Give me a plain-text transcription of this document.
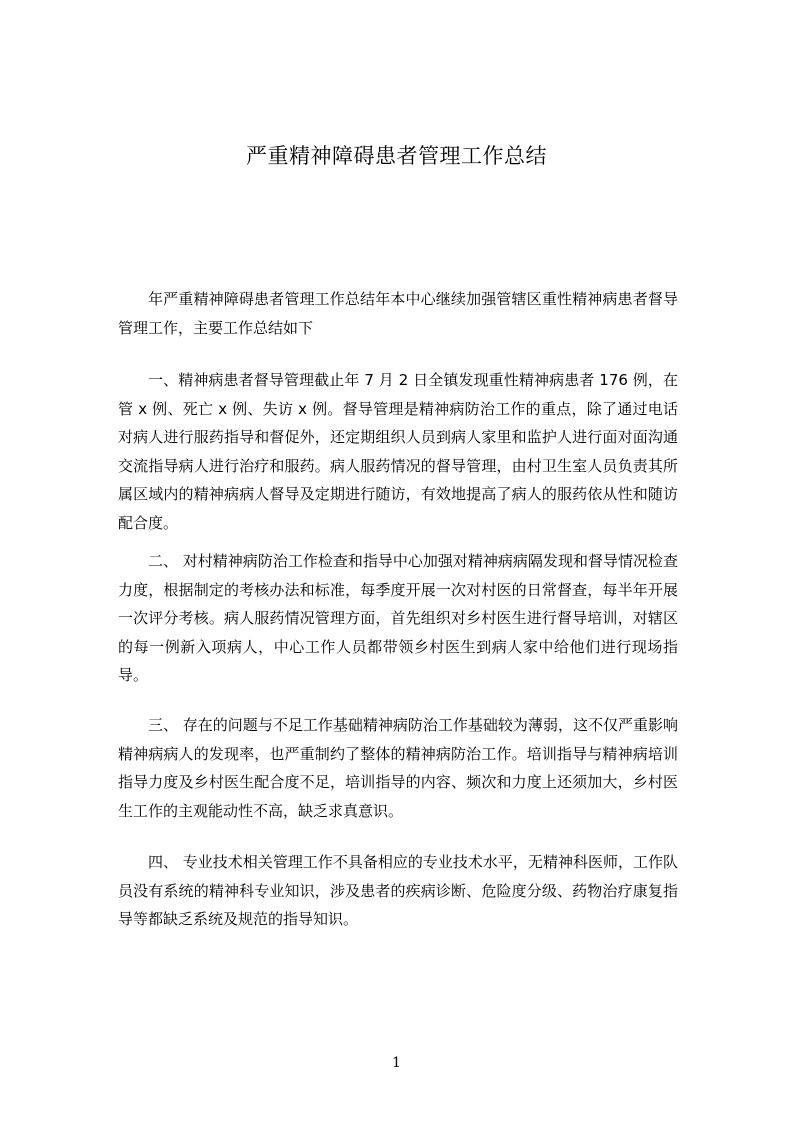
严重精神障碍患者管理工作总结

年严重精神障碍患者管理工作总结年本中心继续加强管辖区重性精神病患者督导管理工作，主要工作总结如下

一、精神病患者督导管理截止年 7 月 2 日全镇发现重性精神病患者 176 例，在管 x 例、死亡 x 例、失访 x 例。督导管理是精神病防治工作的重点，除了通过电话对病人进行服药指导和督促外，还定期组织人员到病人家里和监护人进行面对面沟通交流指导病人进行治疗和服药。病人服药情况的督导管理，由村卫生室人员负责其所属区域内的精神病病人督导及定期进行随访，有效地提高了病人的服药依从性和随访配合度。

二、 对村精神病防治工作检查和指导中心加强对精神病病隔发现和督导情况检查力度，根据制定的考核办法和标准，每季度开展一次对村医的日常督查，每半年开展一次评分考核。病人服药情况管理方面，首先组织对乡村医生进行督导培训，对辖区的每一例新入项病人，中心工作人员都带领乡村医生到病人家中给他们进行现场指导。

三、 存在的问题与不足工作基础精神病防治工作基础较为薄弱，这不仅严重影响精神病病人的发现率，也严重制约了整体的精神病防治工作。培训指导与精神病培训指导力度及乡村医生配合度不足，培训指导的内容、频次和力度上还须加大，乡村医生工作的主观能动性不高，缺乏求真意识。

四、 专业技术相关管理工作不具备相应的专业技术水平，无精神科医师，工作队员没有系统的精神科专业知识，涉及患者的疾病诊断、危险度分级、药物治疗康复指导等都缺乏系统及规范的指导知识。

1
